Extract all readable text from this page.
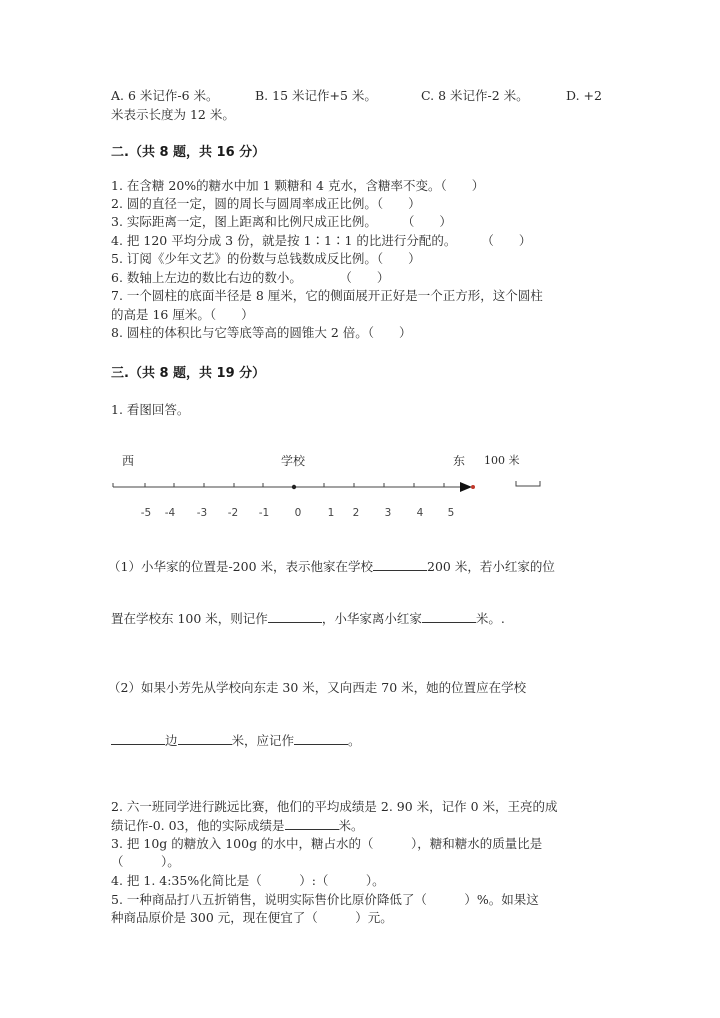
A. 6 米记作-6 米。	B. 15 米记作+5 米。	C. 8 米记作-2 米。	D. +2
米表示长度为 12 米。
二.（共 8 题，共 16 分）
1. 在含糖 20%的糖水中加 1 颗糖和 4 克水，含糖率不变。（　　）
2. 圆的直径一定，圆的周长与圆周率成正比例。（　　）
3. 实际距离一定，图上距离和比例尺成正比例。　　　（　　）
4. 把 120 平均分成 3 份，就是按 1∶1∶1 的比进行分配的。　　　（　　）
5. 订阅《少年文艺》的份数与总钱数成反比例。（　　）
6. 数轴上左边的数比右边的数小。　　　　（　　）
7. 一个圆柱的底面半径是 8 厘米，它的侧面展开正好是一个正方形，这个圆柱
的高是 16 厘米。（　　）
8. 圆柱的体积比与它等底等高的圆锥大 2 倍。（　　）
三.（共 8 题，共 19 分）
1. 看图回答。
西	学校	东 100 米
-5 -4 -3 -2 -1 0	1 2 3 4 5
（1）小华家的位置是-200 米，表示他家在学校	200 米，若小红家的位
置在学校东 100 米，则记作	，小华家离小红家	米。.
（2）如果小芳先从学校向东走 30 米，又向西走 70 米，她的位置应在学校
边	米，应记作	。
2. 六一班同学进行跳远比赛，他们的平均成绩是 2. 90 米，记作 0 米，王亮的成
绩记作-0. 03，他的实际成绩是	米。
3. 把 10g 的糖放入 100g 的水中，糖占水的（　　　），糖和糖水的质量比是
（　　　）。
4. 把 1. 4:35%化简比是（　　　）:（　　　）。
5. 一种商品打八五折销售，说明实际售价比原价降低了（　　　）%。如果这
种商品原价是 300 元，现在便宜了（　　　）元。
